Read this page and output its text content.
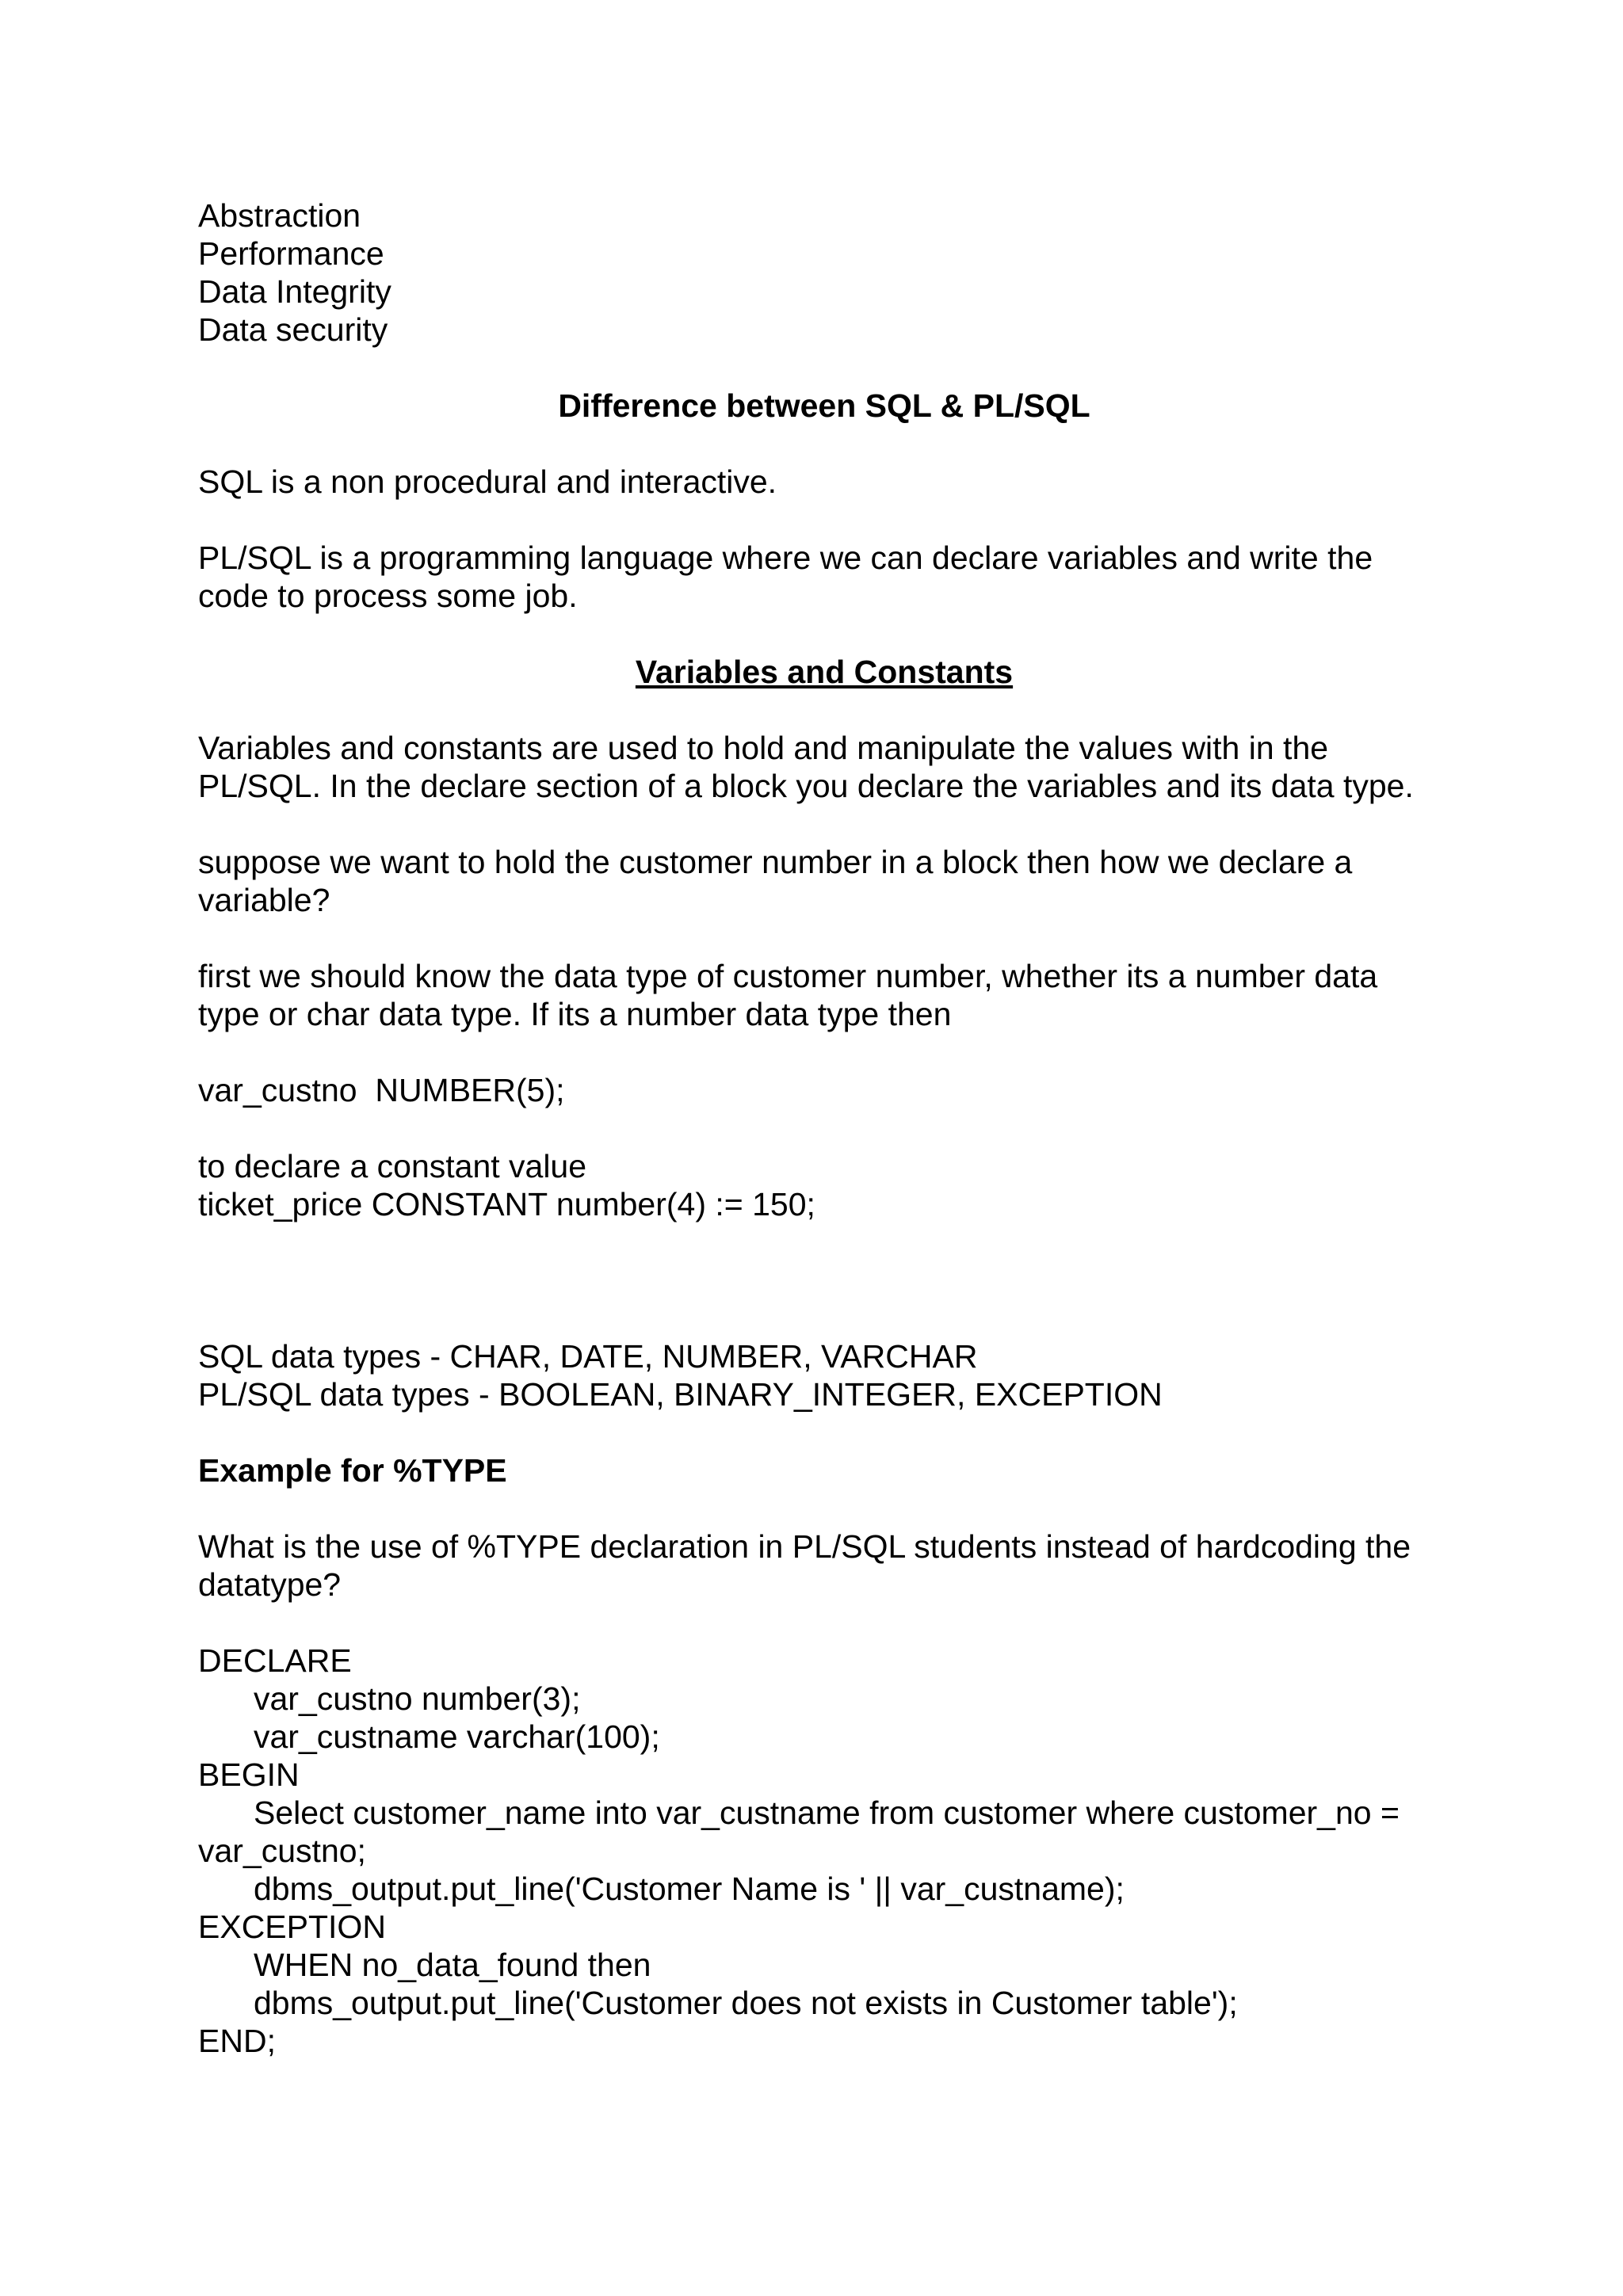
Abstraction
Performance
Data Integrity
Data security
Difference between SQL & PL/SQL
SQL is a non procedural and interactive.
PL/SQL is a programming language where we can declare variables and write the
code to process some job.
Variables and Constants
Variables and constants are used to hold and manipulate the values with in the
PL/SQL. In the declare section of a block you declare the variables and its data type.
suppose we want to hold the customer number in a block then how we declare a
variable?
first we should know the data type of customer number, whether its a number data
type or char data type. If its a number data type then
var_custno  NUMBER(5);
to declare a constant value
ticket_price CONSTANT number(4) := 150;
SQL data types - CHAR, DATE, NUMBER, VARCHAR
PL/SQL data types - BOOLEAN, BINARY_INTEGER, EXCEPTION
Example for %TYPE
What is the use of %TYPE declaration in PL/SQL students instead of hardcoding the
datatype?
DECLARE
var_custno number(3);
var_custname varchar(100);
BEGIN
Select customer_name into var_custname from customer where customer_no =
var_custno;
dbms_output.put_line('Customer Name is ' || var_custname);
EXCEPTION
WHEN no_data_found then
dbms_output.put_line('Customer does not exists in Customer table');
END;
